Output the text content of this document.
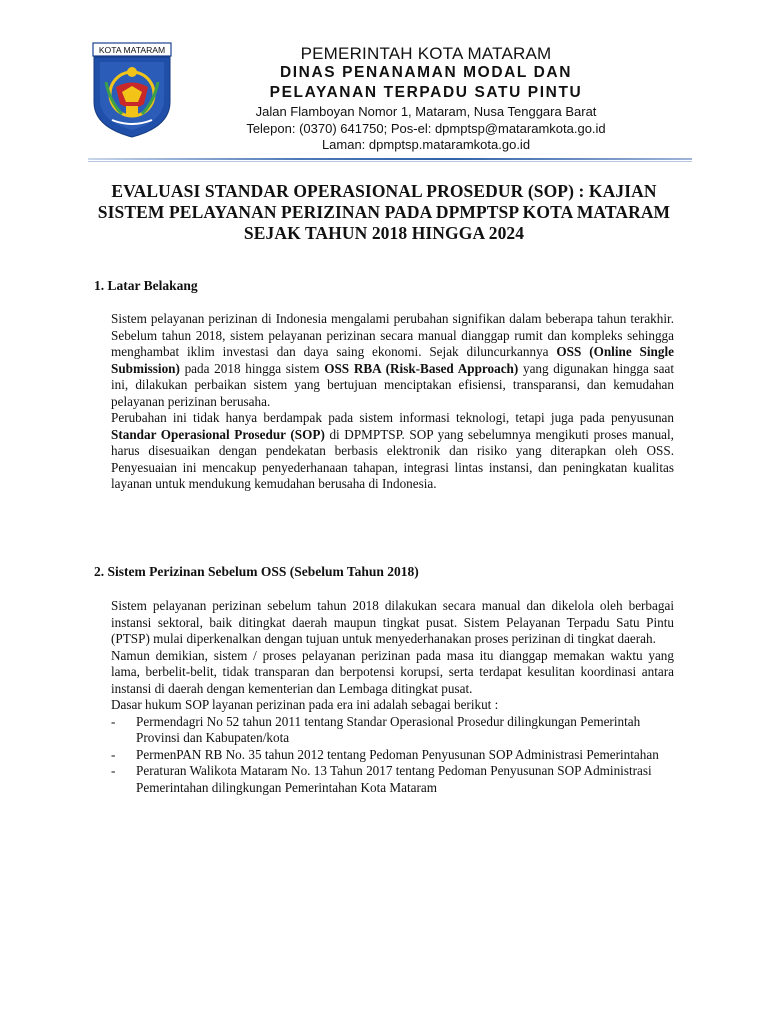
KOTA MATARAM	PEMERINTAH KOTA MATARAM
DINAS PENANAMAN MODAL DAN
PELAYANAN TERPADU SATU PINTU
Jalan Flamboyan Nomor 1, Mataram, Nusa Tenggara Barat
Telepon: (0370) 641750; Pos-el: dpmptsp@mataramkota.go.id
Laman: dpmptsp.mataramkota.go.id
EVALUASI STANDAR OPERASIONAL PROSEDUR (SOP) : KAJIAN
SISTEM PELAYANAN PERIZINAN PADA DPMPTSP KOTA MATARAM
SEJAK TAHUN 2018 HINGGA 2024
1. Latar Belakang
Sistem pelayanan perizinan di Indonesia mengalami perubahan signifikan dalam beberapa tahun terakhir. Sebelum tahun 2018, sistem pelayanan perizinan secara manual dianggap rumit dan kompleks sehingga menghambat iklim investasi dan daya saing ekonomi. Sejak diluncurkannya OSS (Online Single Submission) pada 2018 hingga sistem OSS RBA (Risk-Based Approach) yang digunakan hingga saat ini, dilakukan perbaikan sistem yang bertujuan menciptakan efisiensi, transparansi, dan kemudahan pelayanan perizinan berusaha.
Perubahan ini tidak hanya berdampak pada sistem informasi teknologi, tetapi juga pada penyusunan Standar Operasional Prosedur (SOP) di DPMPTSP. SOP yang sebelumnya mengikuti proses manual, harus disesuaikan dengan pendekatan berbasis elektronik dan risiko yang diterapkan oleh OSS. Penyesuaian ini mencakup penyederhanaan tahapan, integrasi lintas instansi, dan peningkatan kualitas layanan untuk mendukung kemudahan berusaha di Indonesia.
2. Sistem Perizinan Sebelum OSS (Sebelum Tahun 2018)
Sistem pelayanan perizinan sebelum tahun 2018 dilakukan secara manual dan dikelola oleh berbagai instansi sektoral, baik ditingkat daerah maupun tingkat pusat. Sistem Pelayanan Terpadu Satu Pintu (PTSP) mulai diperkenalkan dengan tujuan untuk menyederhanakan proses perizinan di tingkat daerah.
Namun demikian, sistem / proses pelayanan perizinan pada masa itu dianggap memakan waktu yang lama, berbelit-belit, tidak transparan dan berpotensi korupsi, serta terdapat kesulitan koordinasi antara instansi di daerah dengan kementerian dan Lembaga ditingkat pusat.
Dasar hukum SOP layanan perizinan pada era ini adalah sebagai berikut :
- Permendagri No 52 tahun 2011 tentang Standar Operasional Prosedur dilingkungan Pemerintah Provinsi dan Kabupaten/kota
- PermenPAN RB No. 35 tahun 2012 tentang Pedoman Penyusunan SOP Administrasi Pemerintahan
- Peraturan Walikota Mataram No. 13 Tahun 2017 tentang Pedoman Penyusunan SOP Administrasi Pemerintahan dilingkungan Pemerintahan Kota Mataram
